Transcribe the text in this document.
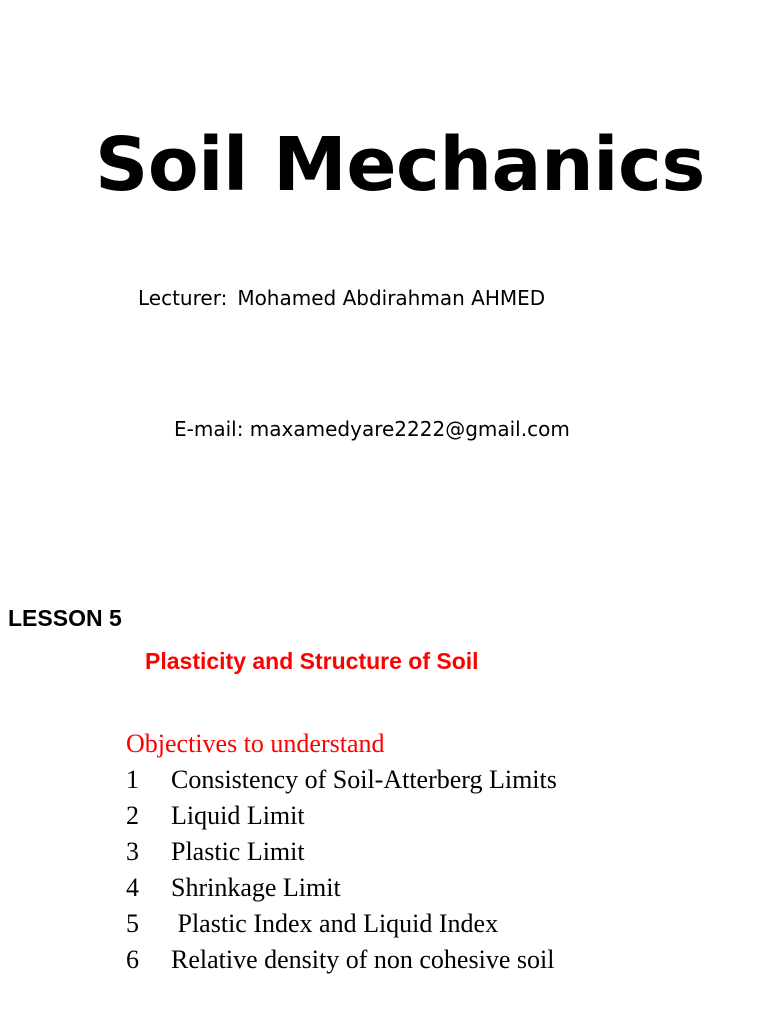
Soil Mechanics
Lecturer: Mohamed Abdirahman AHMED
E-mail: maxamedyare2222@gmail.com
LESSON 5
Plasticity and Structure of Soil
Objectives to understand
1 Consistency of Soil-Atterberg Limits
2 Liquid Limit
3 Plastic Limit
4 Shrinkage Limit
5 Plastic Index and Liquid Index
6 Relative density of non cohesive soil
